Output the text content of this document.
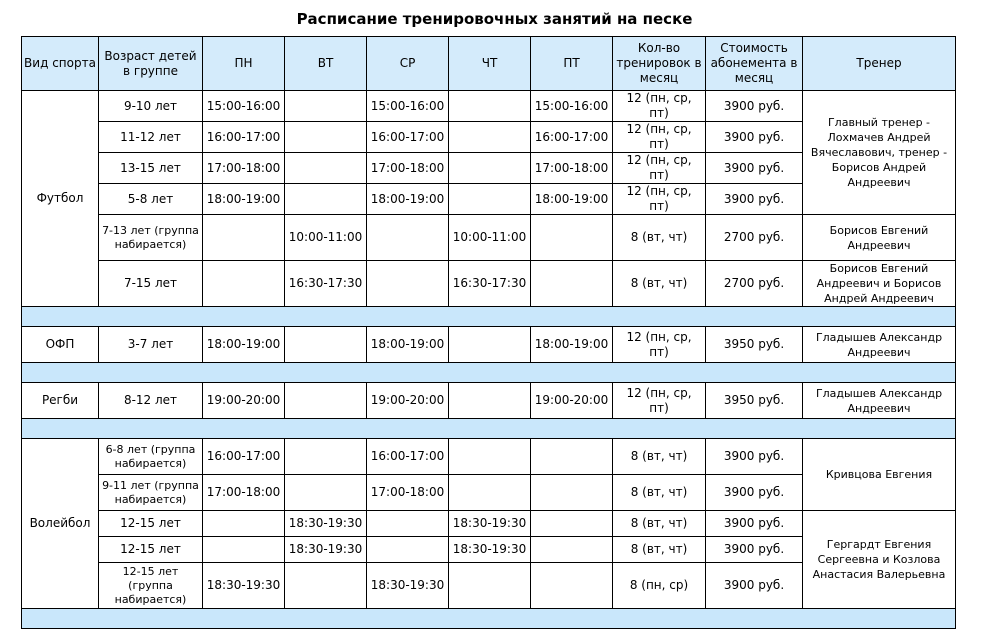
Расписание тренировочных занятий на песке
Вид спорта	Возраст детей в группе	ПН	ВТ	СР	ЧТ	ПТ	Кол-во тренировок в месяц	Стоимость абонемента в месяц	Тренер
Футбол	9-10 лет	15:00-16:00		15:00-16:00		15:00-16:00	12 (пн, ср, пт)	3900 руб.	Главный тренер - Лохмачев Андрей Вячеславович, тренер - Борисов Андрей Андреевич
	11-12 лет	16:00-17:00		16:00-17:00		16:00-17:00	12 (пн, ср, пт)	3900 руб.	
	13-15 лет	17:00-18:00		17:00-18:00		17:00-18:00	12 (пн, ср, пт)	3900 руб.	
	5-8 лет	18:00-19:00		18:00-19:00		18:00-19:00	12 (пн, ср, пт)	3900 руб.	
	7-13 лет (группа набирается)		10:00-11:00		10:00-11:00		8 (вт, чт)	2700 руб.	Борисов Евгений Андреевич
	7-15 лет		16:30-17:30		16:30-17:30		8 (вт, чт)	2700 руб.	Борисов Евгений Андреевич и Борисов Андрей Андреевич

ОФП	3-7 лет	18:00-19:00		18:00-19:00		18:00-19:00	12 (пн, ср, пт)	3950 руб.	Гладышев Александр Андреевич

Регби	8-12 лет	19:00-20:00		19:00-20:00		19:00-20:00	12 (пн, ср, пт)	3950 руб.	Гладышев Александр Андреевич

Волейбол	6-8 лет (группа набирается)	16:00-17:00		16:00-17:00			8 (вт, чт)	3900 руб.	Кривцова Евгения
	9-11 лет (группа набирается)	17:00-18:00		17:00-18:00			8 (вт, чт)	3900 руб.	
	12-15 лет		18:30-19:30		18:30-19:30		8 (вт, чт)	3900 руб.	Гергардт Евгения Сергеевна и Козлова Анастасия Валерьевна
	12-15 лет		18:30-19:30		18:30-19:30		8 (вт, чт)	3900 руб.	
	12-15 лет (группа набирается)	18:30-19:30		18:30-19:30			8 (пн, ср)	3900 руб.	
